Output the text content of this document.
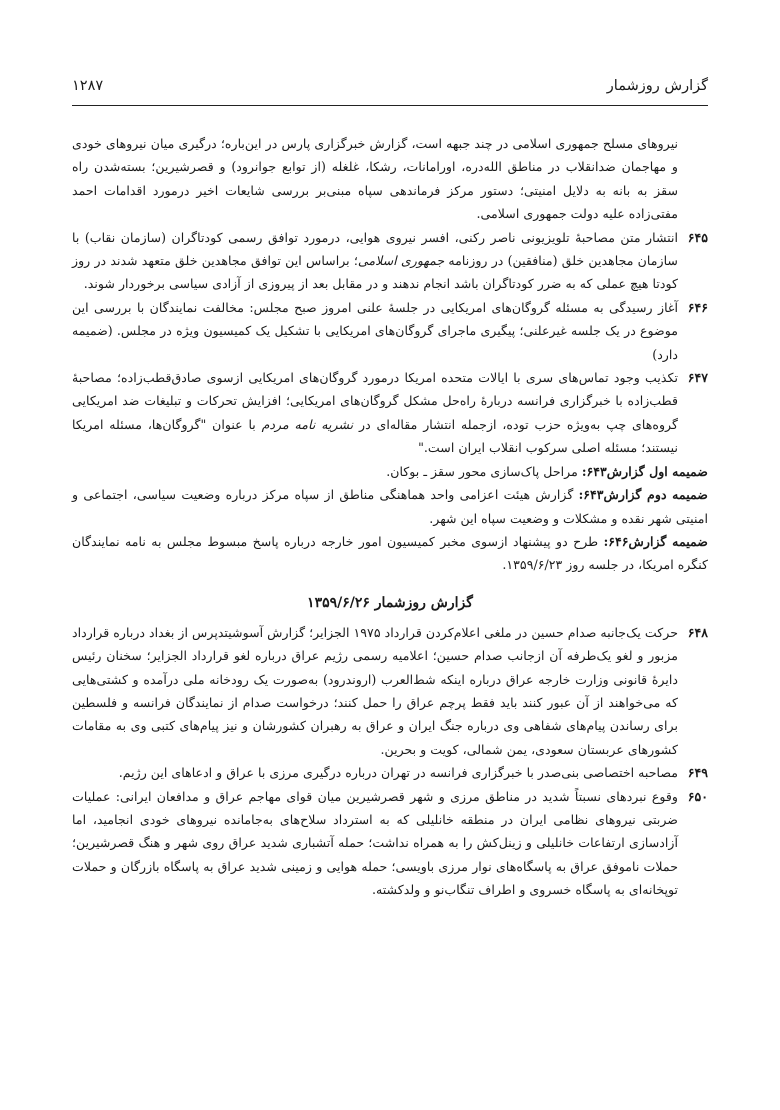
گزارش روزشمار
۱۲۸۷

نیروهای مسلح جمهوری اسلامی در چند جبهه است، گزارش خبرگزاری پارس در این‌باره؛ درگیری میان نیروهای خودی و مهاجمان ضدانقلاب در مناطق الله‌دره، اورامانات، رشکا، غلغله (از توابع جوانرود) و قصرشیرین؛ بسته‌شدن راه سقز به بانه به دلایل امنیتی؛ دستور مرکز فرماندهی سپاه مبنی‌بر بررسی شایعات اخیر درمورد اقدامات احمد مفتی‌زاده علیه دولت جمهوری اسلامی.

۶۴۵
انتشار متن مصاحبهٔ تلویزیونی ناصر رکنی، افسر نیروی هوایی، درمورد توافق رسمی کودتاگران (سازمان نقاب) با سازمان مجاهدین خلق (منافقین) در روزنامه جمهوری اسلامی؛ براساس این توافق مجاهدین خلق متعهد شدند در روز کودتا هیچ عملی که به ضرر کودتاگران باشد انجام ندهند و در مقابل بعد از پیروزی از آزادی سیاسی برخوردار شوند.

۶۴۶
آغاز رسیدگی به مسئله گروگان‌های امریکایی در جلسهٔ علنی امروز صبح مجلس: مخالفت نمایندگان با بررسی این موضوع در یک جلسه غیرعلنی؛ پیگیری ماجرای گروگان‌های امریکایی با تشکیل یک کمیسیون ویژه در مجلس. (ضمیمه دارد)

۶۴۷
تکذیب وجود تماس‌های سری با ایالات متحده امریکا درمورد گروگان‌های امریکایی ازسوی صادق‌قطب‌زاده؛ مصاحبهٔ قطب‌زاده با خبرگزاری فرانسه دربارهٔ راه‌حل مشکل گروگان‌های امریکایی؛ افزایش تحرکات و تبلیغات ضد امریکایی گروه‌های چپ به‌ویژه حزب توده، ازجمله انتشار مقاله‌ای در نشریه نامه مردم با عنوان "گروگان‌ها، مسئله امریکا نیستند؛ مسئله اصلی سرکوب انقلاب ایران است."

ضمیمه اول گزارش۶۴۳: مراحل پاک‌سازی محور سقز ـ بوکان.

ضمیمه دوم گزارش۶۴۳: گزارش هیئت اعزامی واحد هماهنگی مناطق از سپاه مرکز درباره وضعیت سیاسی، اجتماعی و امنیتی شهر نقده و مشکلات و وضعیت سپاه این شهر.

ضمیمه گزارش۶۴۶: طرح دو پیشنهاد ازسوی مخبر کمیسیون امور خارجه درباره پاسخ مبسوط مجلس به نامه نمایندگان کنگره امریکا، در جلسه روز ۱۳۵۹/۶/۲۳.

گزارش روزشمار ۱۳۵۹/۶/۲۶

۶۴۸
حرکت یک‌جانبه صدام حسین در ملغی اعلام‌کردن قرارداد ۱۹۷۵ الجزایر؛ گزارش آسوشیتدپرس از بغداد درباره قرارداد مزبور و لغو یک‌طرفه آن ازجانب صدام حسین؛ اعلامیه رسمی رژیم عراق درباره لغو قرارداد الجزایر؛ سخنان رئیس دایرهٔ قانونی وزارت خارجه عراق درباره اینکه شط‌العرب (اروندرود) به‌صورت یک رودخانه ملی درآمده و کشتی‌هایی که می‌خواهند از آن عبور کنند باید فقط پرچم عراق را حمل کنند؛ درخواست صدام از نمایندگان فرانسه و فلسطین برای رساندن پیام‌های شفاهی وی درباره جنگ ایران و عراق به رهبران کشورشان و نیز پیام‌های کتبی وی به مقامات کشورهای عربستان سعودی، یمن شمالی، کویت و بحرین.

۶۴۹
مصاحبه اختصاصی بنی‌صدر با خبرگزاری فرانسه در تهران درباره درگیری مرزی با عراق و ادعاهای این رژیم.

۶۵۰
وقوع نبردهای نسبتاً شدید در مناطق مرزی و شهر قصرشیرین میان قوای مهاجم عراق و مدافعان ایرانی: عملیات ضربتی نیروهای نظامی ایران در منطقه خانلیلی که به استرداد سلاح‌های به‌جامانده نیروهای خودی انجامید، اما آزادسازی ارتفاعات خانلیلی و زینل‌کش را به همراه نداشت؛ حمله آتشباری شدید عراق روی شهر و هنگ قصرشیرین؛ حملات ناموفق عراق به پاسگاه‌های نوار مرزی باویسی؛ حمله هوایی و زمینی شدید عراق به پاسگاه بازرگان و حملات توپخانه‌ای به پاسگاه خسروی و اطراف تنگاب‌نو و ولدکشته.
